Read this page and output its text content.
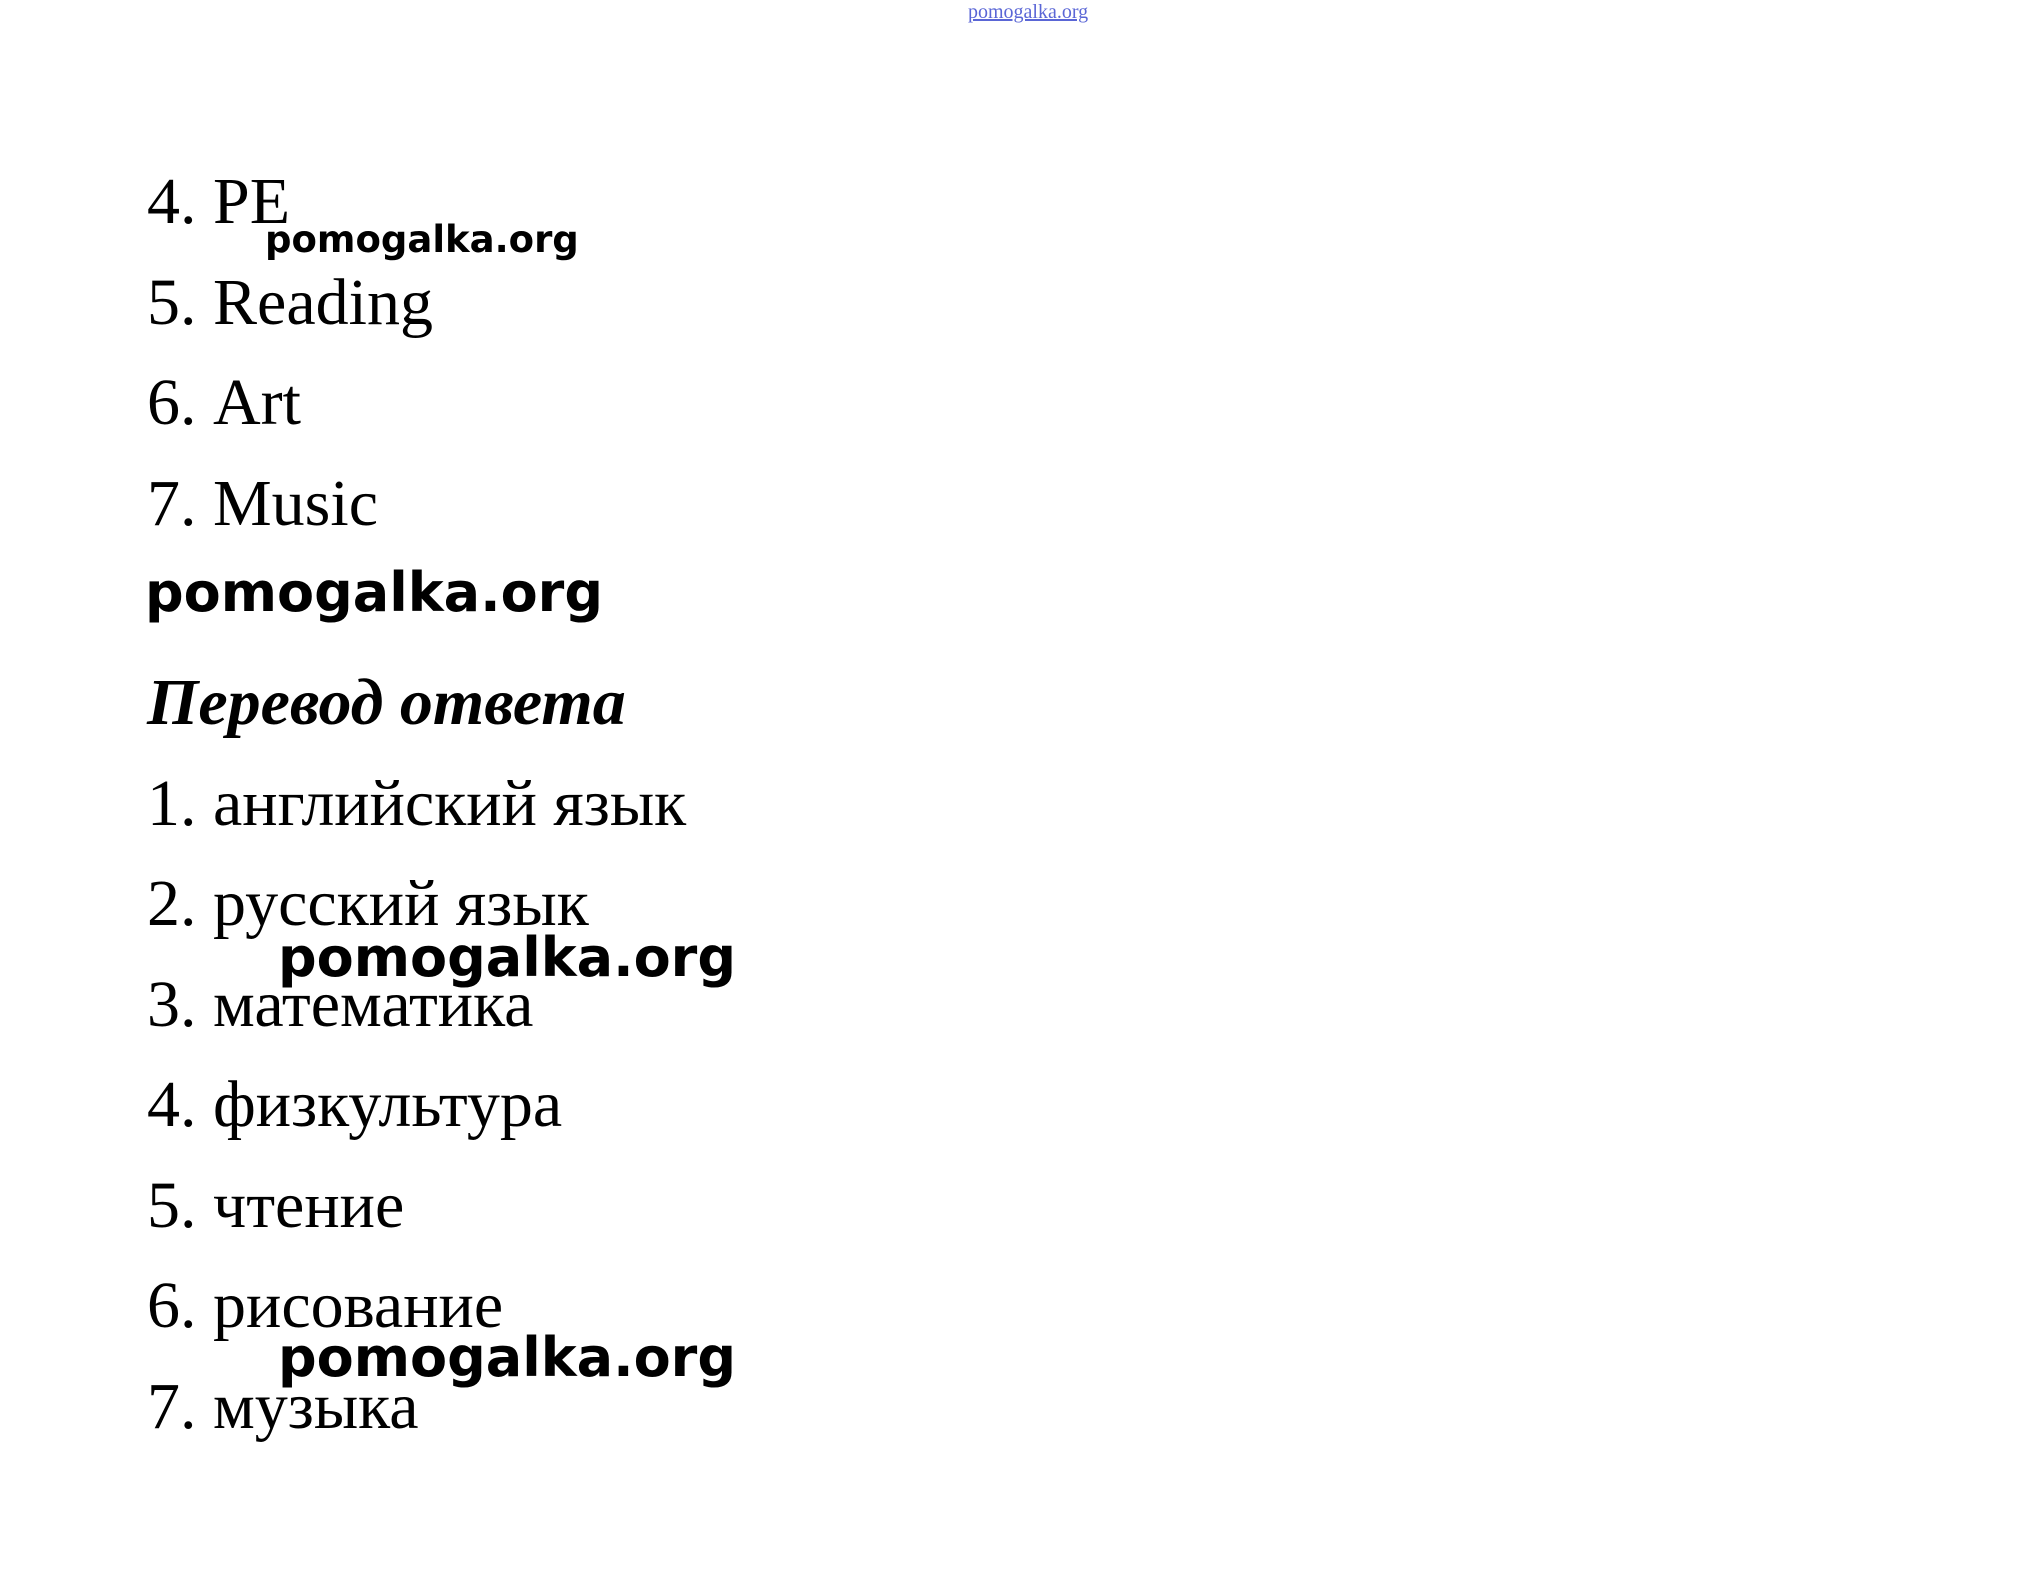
pomogalka.org
4. PE
5. Reading
6. Art
7. Music
Перевод ответа
1. английский язык
2. русский язык
3. математика
4. физкультура
5. чтение
6. рисование
7. музыка
pomogalka.org
pomogalka.org
pomogalka.org
pomogalka.org
